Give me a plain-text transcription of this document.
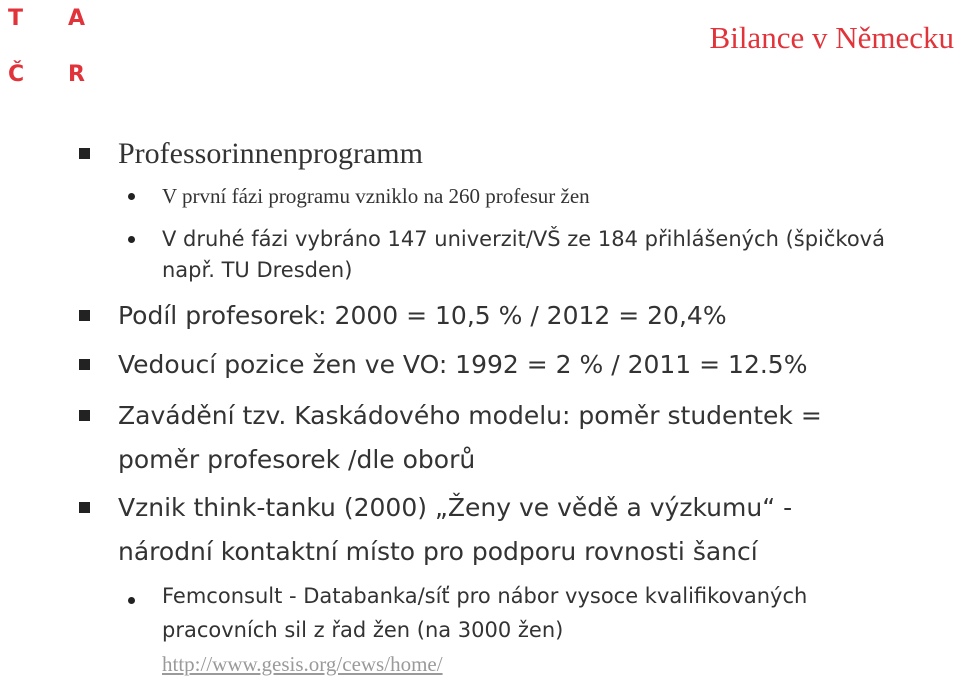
T A
Č R
Bilance v Německu
Professorinnenprogramm
V první fázi programu vzniklo na 260 profesur žen
V druhé fázi vybráno 147 univerzit/VŠ ze 184 přihlášených (špičková
např. TU Dresden)
Podíl profesorek: 2000 = 10,5 % / 2012 = 20,4%
Vedoucí pozice žen ve VO: 1992 = 2 % / 2011 = 12.5%
Zavádění tzv. Kaskádového modelu: poměr studentek =
poměr profesorek /dle oborů
Vznik think-tanku (2000) „Ženy ve vědě a výzkumu“ -
národní kontaktní místo pro podporu rovnosti šancí
Femconsult - Databanka/síť pro nábor vysoce kvalifikovaných
pracovních sil z řad žen (na 3000 žen)
http://www.gesis.org/cews/home/
